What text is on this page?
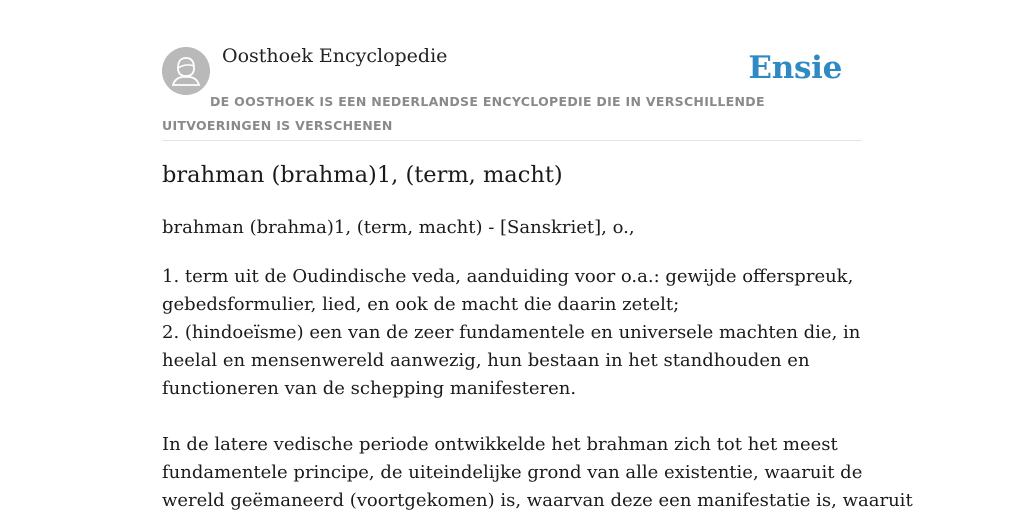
Oosthoek Encyclopedie	Ensie
DE OOSTHOEK IS EEN NEDERLANDSE ENCYCLOPEDIE DIE IN VERSCHILLENDE UITVOERINGEN IS VERSCHENEN
brahman (brahma)1, (term, macht)
brahman (brahma)1, (term, macht) - [Sanskriet], o.,

1. term uit de Oudindische veda, aanduiding voor o.a.: gewijde offerspreuk,

gebedsformulier, lied, en ook de macht die daarin zetelt;

2. (hindoeïsme) een van de zeer fundamentele en universele machten die, in

heelal en mensenwereld aanwezig, hun bestaan in het standhouden en

functioneren van de schepping manifesteren.

In de latere vedische periode ontwikkelde het brahman zich tot het meest

fundamentele principe, de uiteindelijke grond van alle existentie, waaruit de

wereld geëmaneerd (voortgekomen) is, waarvan deze een manifestatie is, waaruit
